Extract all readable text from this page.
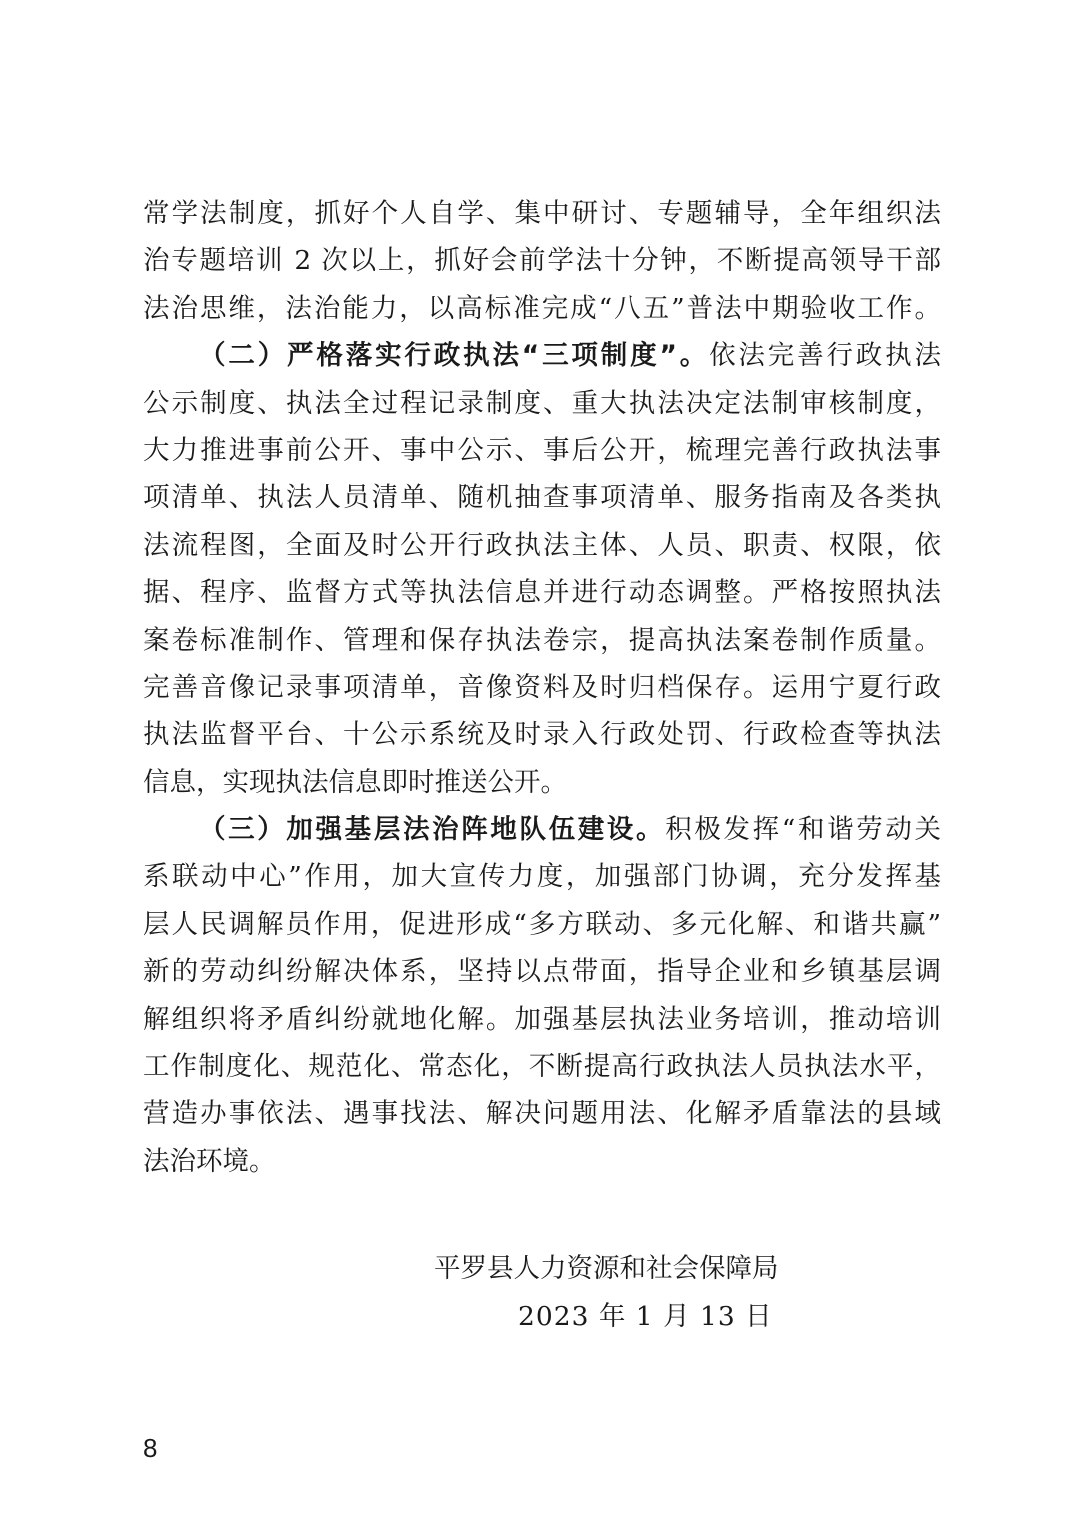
常学法制度，抓好个人自学、集中研讨、专题辅导，全年组织法
治专题培训 2 次以上，抓好会前学法十分钟，不断提高领导干部
法治思维，法治能力，以高标准完成“八五”普法中期验收工作。
（二）严格落实行政执法“三项制度”。依法完善行政执法
公示制度、执法全过程记录制度、重大执法决定法制审核制度，
大力推进事前公开、事中公示、事后公开，梳理完善行政执法事
项清单、执法人员清单、随机抽查事项清单、服务指南及各类执
法流程图，全面及时公开行政执法主体、人员、职责、权限，依
据、程序、监督方式等执法信息并进行动态调整。严格按照执法
案卷标准制作、管理和保存执法卷宗，提高执法案卷制作质量。
完善音像记录事项清单，音像资料及时归档保存。运用宁夏行政
执法监督平台、十公示系统及时录入行政处罚、行政检查等执法
信息，实现执法信息即时推送公开。
（三）加强基层法治阵地队伍建设。积极发挥“和谐劳动关
系联动中心”作用，加大宣传力度，加强部门协调，充分发挥基
层人民调解员作用，促进形成“多方联动、多元化解、和谐共赢”
新的劳动纠纷解决体系，坚持以点带面，指导企业和乡镇基层调
解组织将矛盾纠纷就地化解。加强基层执法业务培训，推动培训
工作制度化、规范化、常态化，不断提高行政执法人员执法水平，
营造办事依法、遇事找法、解决问题用法、化解矛盾靠法的县域
法治环境。
平罗县人力资源和社会保障局
2023 年 1 月 13 日
8
